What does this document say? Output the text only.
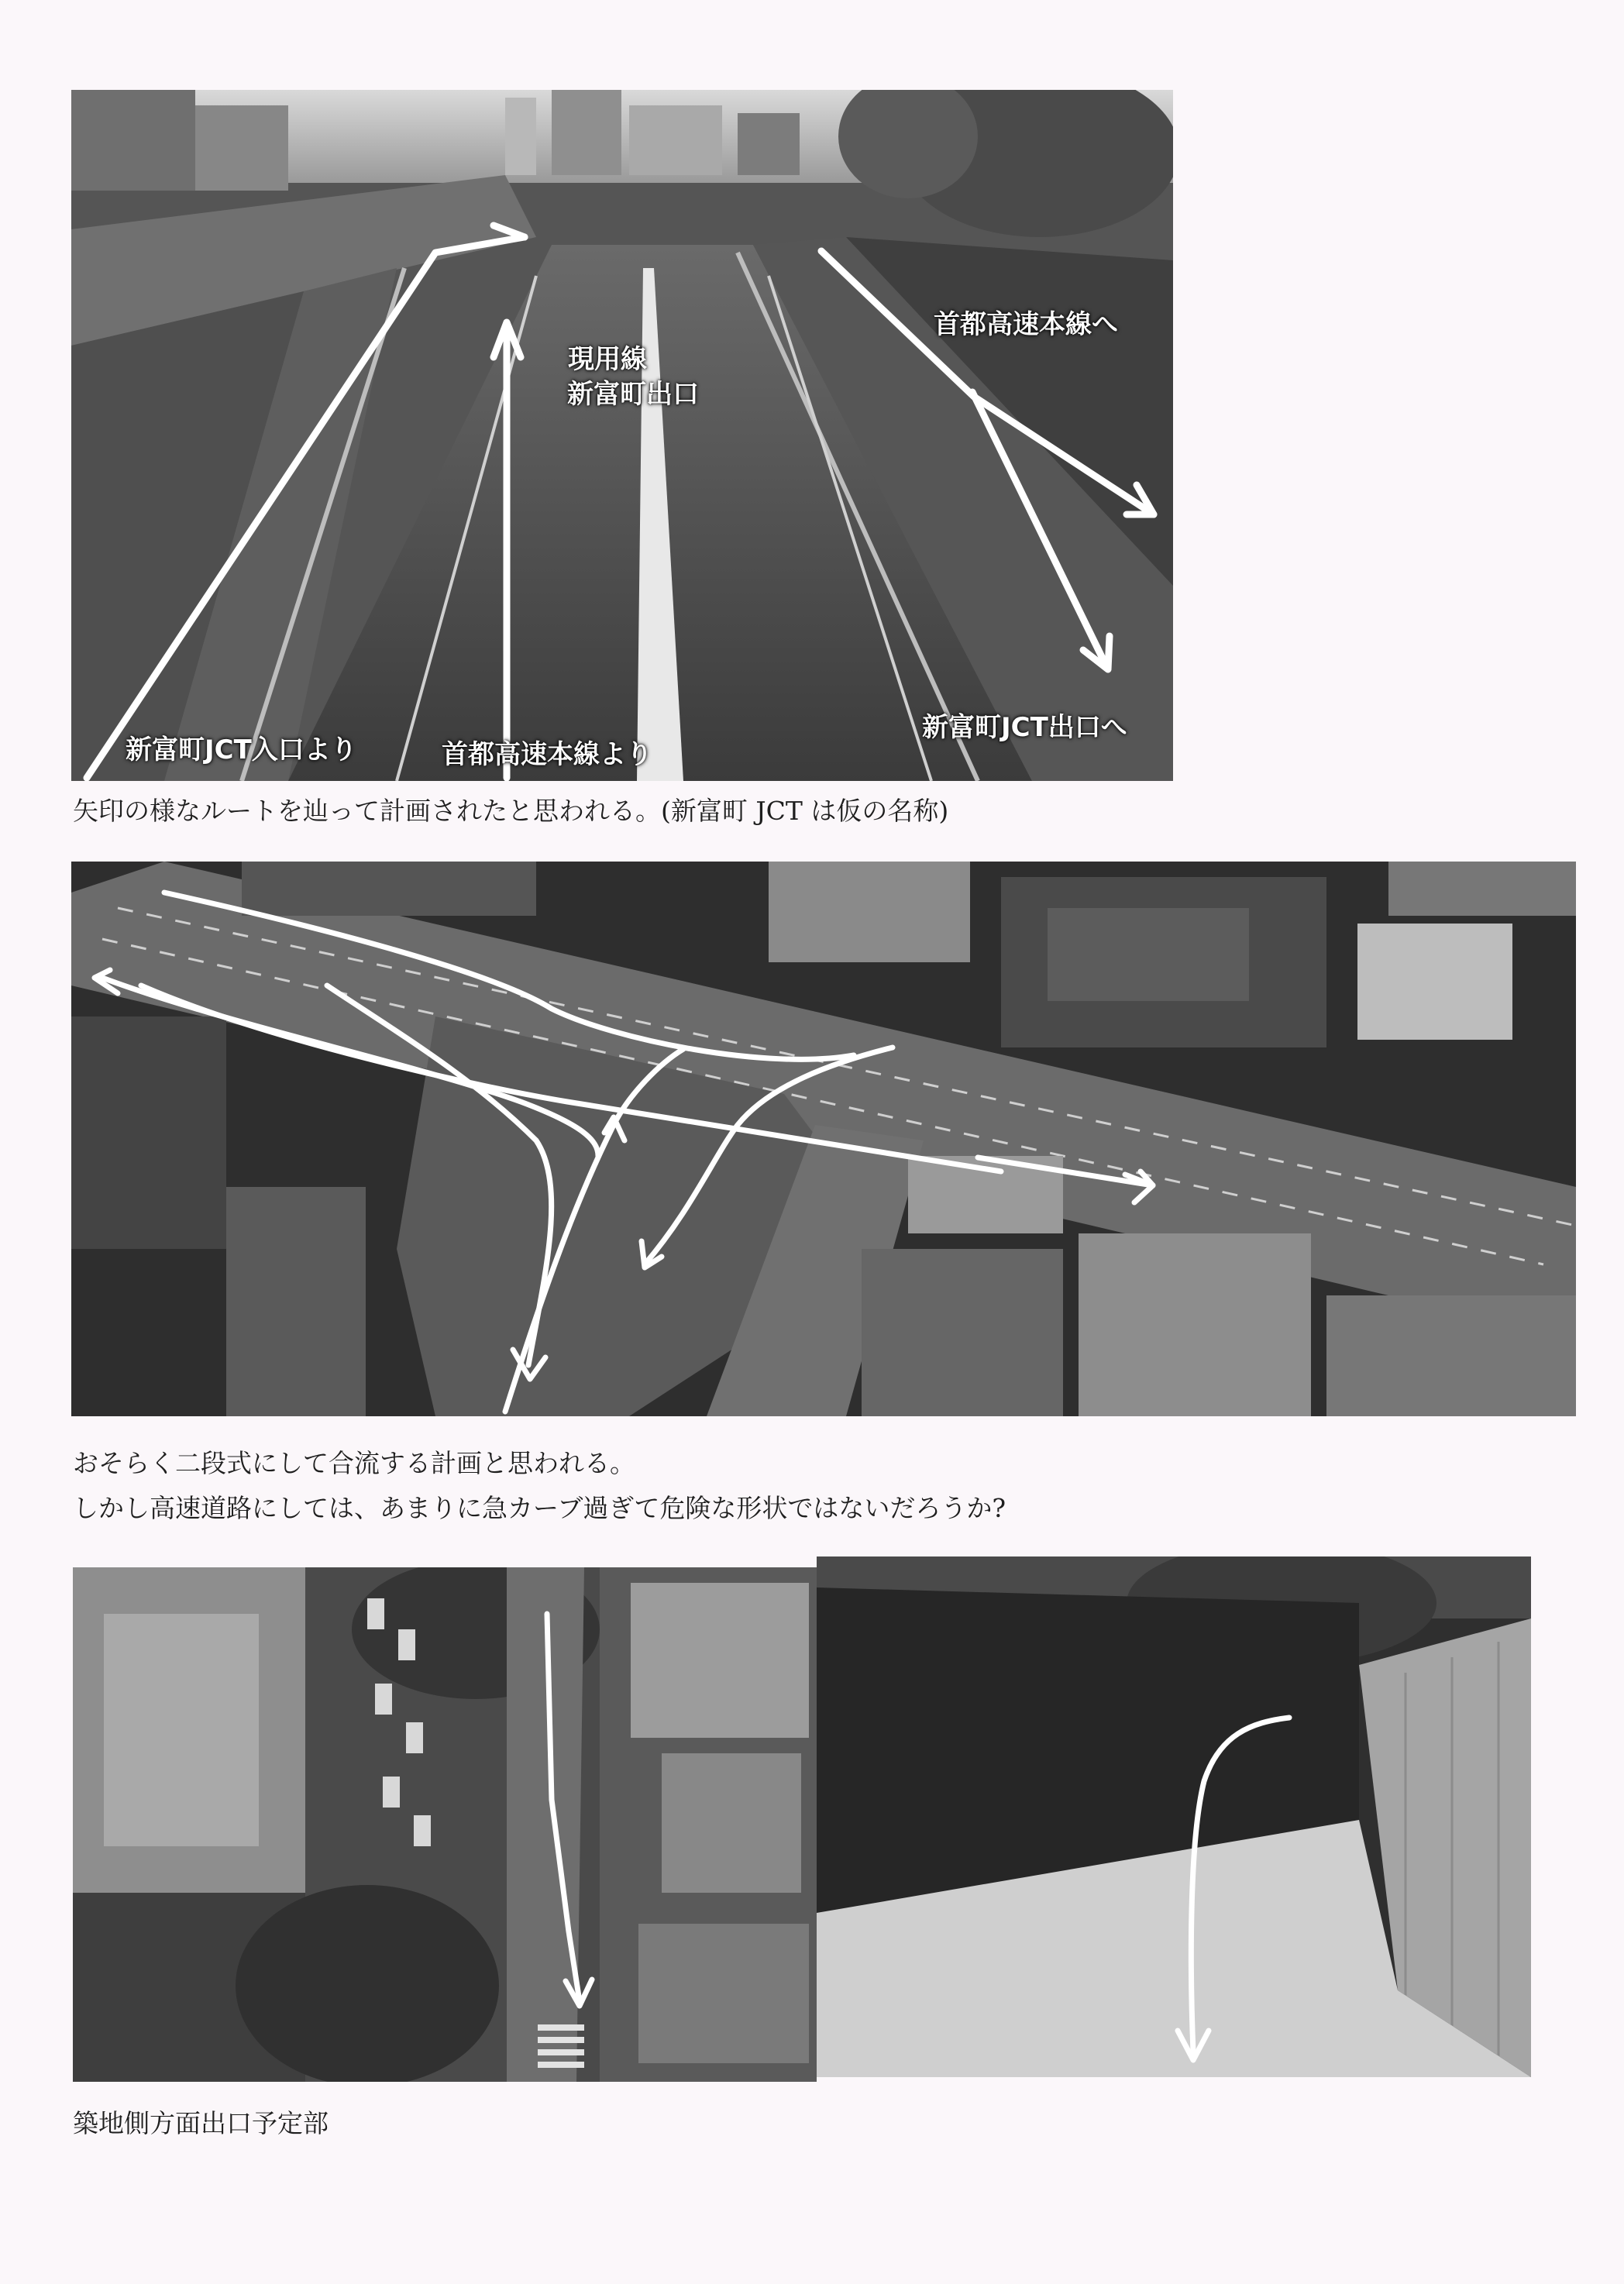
現用線
新富町出口
首都高速本線へ
新富町JCT入口より	首都高速本線より
新富町JCT出口へ
矢印の様なルートを辿って計画されたと思われる。(新富町 JCT は仮の名称)
おそらく二段式にして合流する計画と思われる。
しかし高速道路にしては、あまりに急カーブ過ぎて危険な形状ではないだろうか?
築地側方面出口予定部
